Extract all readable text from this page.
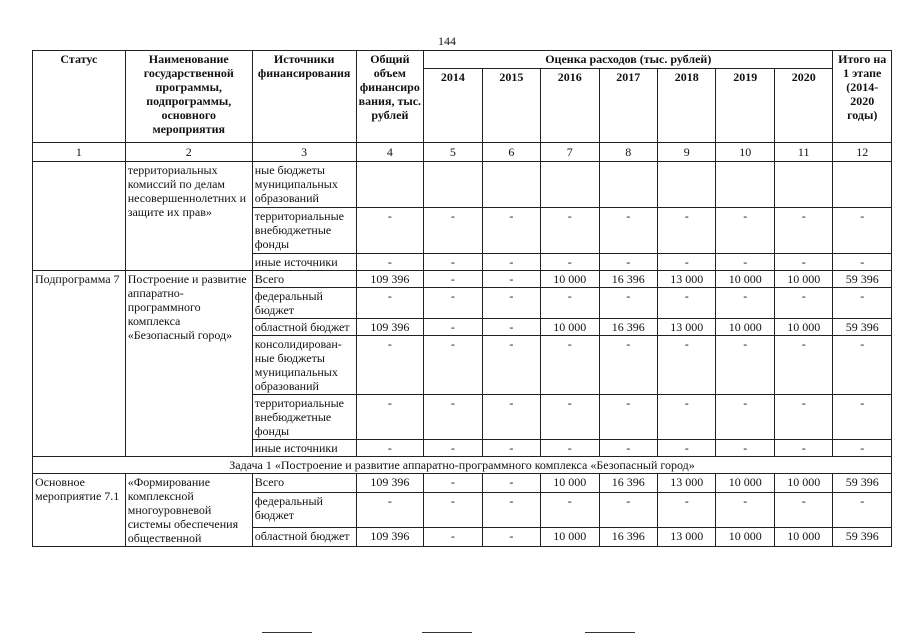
144
Статус	Наименование государственной программы, подпрограммы, основного мероприятия	Источники финансирования	Общий объем финансиро вания, тыс. рублей	Оценка расходов (тыс. рублей)							Итого на 1 этапе (2014-2020 годы)
				2014	2015	2016	2017	2018	2019	2020	
1	2	3	4	5	6	7	8	9	10	11	12
	территориальных комиссий по делам несовершеннолетних и защите их прав»	ные бюджеты муниципальных образований									
		территориальные внебюджетные фонды	-	-	-	-	-	-	-	-	-
		иные источники	-	-	-	-	-	-	-	-	-
Подпрограмма 7	Построение и развитие аппаратно-программного комплекса «Безопасный город»	Всего	109 396	-	-	10 000	16 396	13 000	10 000	10 000	59 396
		федеральный бюджет	-	-	-	-	-	-	-	-	-
		областной бюджет	109 396	-	-	10 000	16 396	13 000	10 000	10 000	59 396
		консолидирован-ные бюджеты муниципальных образований	-	-	-	-	-	-	-	-	-
		территориальные внебюджетные фонды	-	-	-	-	-	-	-	-	-
		иные источники	-	-	-	-	-	-	-	-	-
Задача 1 «Построение и развитие аппаратно-программного комплекса «Безопасный город»											
Основное мероприятие 7.1	«Формирование комплексной многоуровневой системы обеспечения общественной	Всего	109 396	-	-	10 000	16 396	13 000	10 000	10 000	59 396
		федеральный бюджет	-	-	-	-	-	-	-	-	-
		областной бюджет	109 396	-	-	10 000	16 396	13 000	10 000	10 000	59 396
